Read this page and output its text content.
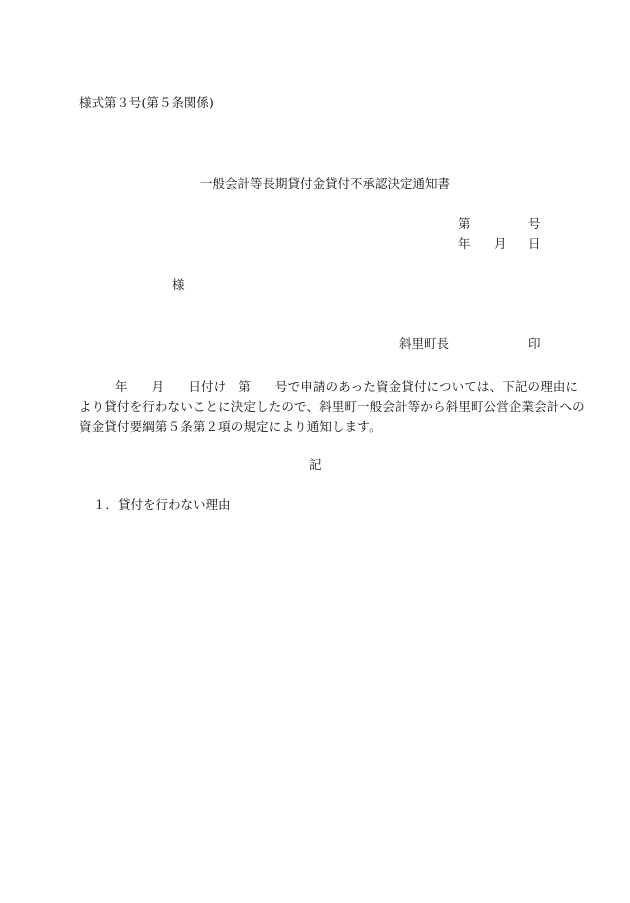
様式第３号(第５条関係)
一般会計等長期貸付金貸付不承認決定通知書
第	号
年 月 日
様
斜里町長	印
年 月 日付け 第 号で申請のあった資金貸付については、下記の理由に
より貸付を行わないことに決定したので、斜里町一般会計等から斜里町公営企業会計への
資金貸付要綱第５条第２項の規定により通知します。
記
１．貸付を行わない理由
